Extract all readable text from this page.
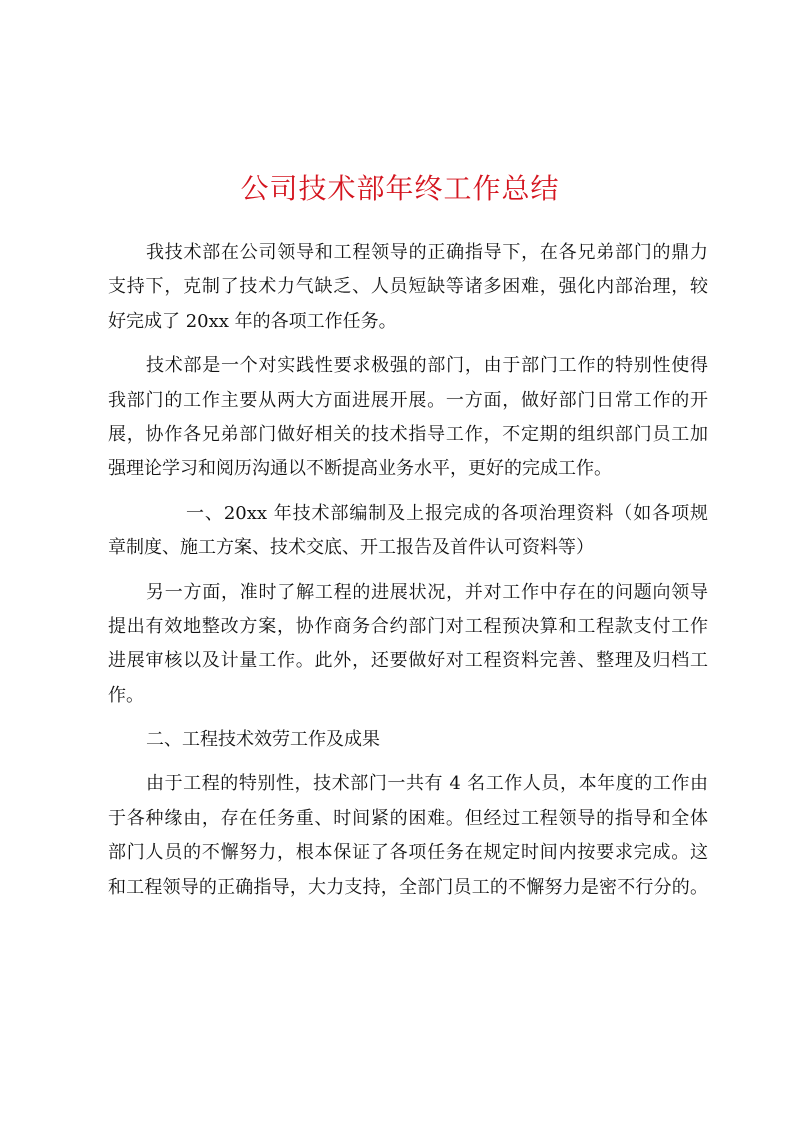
公司技术部年终工作总结
我技术部在公司领导和工程领导的正确指导下，在各兄弟部门的鼎力
支持下，克制了技术力气缺乏、人员短缺等诸多困难，强化内部治理，较
好完成了 20xx 年的各项工作任务。
技术部是一个对实践性要求极强的部门，由于部门工作的特别性使得
我部门的工作主要从两大方面进展开展。一方面，做好部门日常工作的开
展，协作各兄弟部门做好相关的技术指导工作，不定期的组织部门员工加
强理论学习和阅历沟通以不断提高业务水平，更好的完成工作。
一、20xx 年技术部编制及上报完成的各项治理资料（如各项规
章制度、施工方案、技术交底、开工报告及首件认可资料等）
另一方面，准时了解工程的进展状况，并对工作中存在的问题向领导
提出有效地整改方案，协作商务合约部门对工程预决算和工程款支付工作
进展审核以及计量工作。此外，还要做好对工程资料完善、整理及归档工
作。
二、工程技术效劳工作及成果
由于工程的特别性，技术部门一共有 4 名工作人员，本年度的工作由
于各种缘由，存在任务重、时间紧的困难。但经过工程领导的指导和全体
部门人员的不懈努力，根本保证了各项任务在规定时间内按要求完成。这
和工程领导的正确指导，大力支持，全部门员工的不懈努力是密不行分的。
